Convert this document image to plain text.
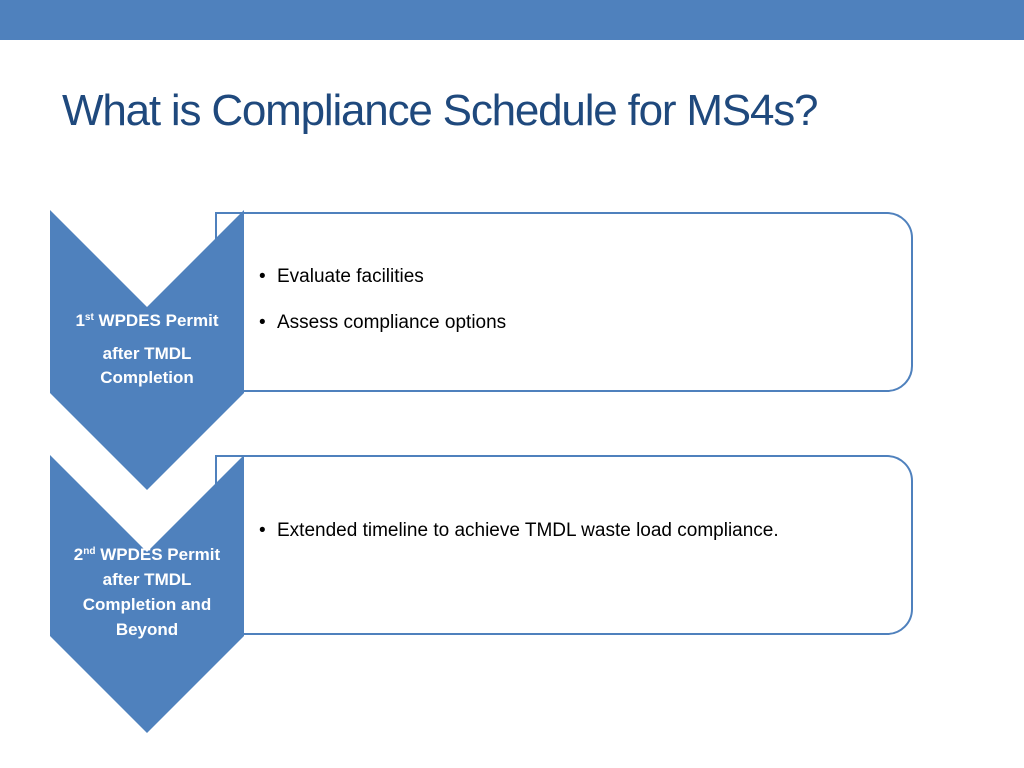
What is Compliance Schedule for MS4s?
• Evaluate facilities
• Assess compliance options
1st WPDES Permit
after TMDL
Completion
• Extended timeline to achieve TMDL waste load compliance.
2nd WPDES Permit
after TMDL
Completion and
Beyond
